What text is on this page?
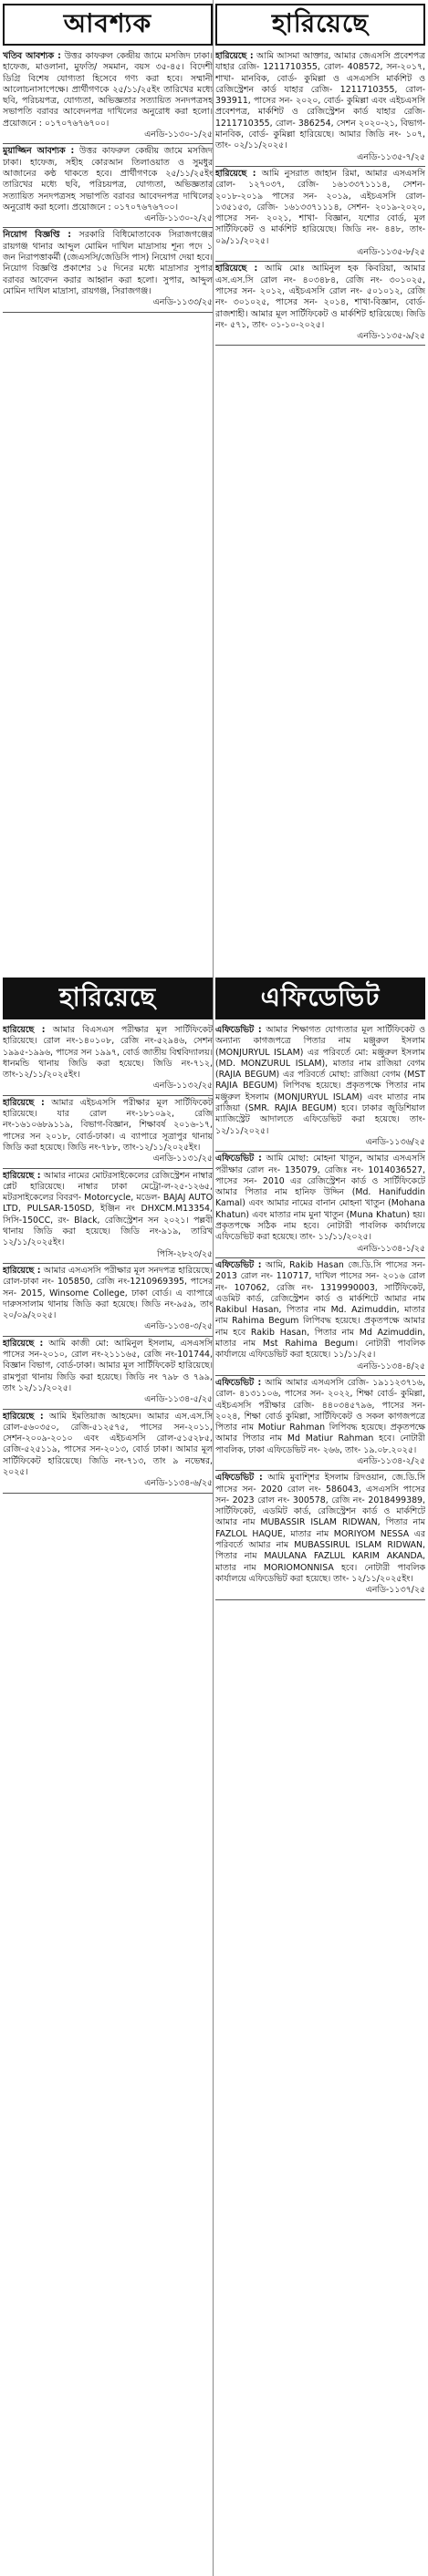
আবশ্যক

খতিব আবশ্যক : উত্তর কাফরুল কেন্দ্রীয় জামে মসজিদ ঢাকা। হাফেজ, মাওলানা, মুফতি/ সমমান, বয়স ৩৫-৪৫। বিদেশী ডিগ্রি বিশেষ যোগ্যতা হিসেবে গণ্য করা হবে। সম্মানী আলোচনাসাপেক্ষে। প্রার্থীগণকে ২৫/১১/২৫ইং তারিখের মধ্যে ছবি, পরিচয়পত্র, যোগ্যতা, অভিজ্ঞতার সত্যায়িত সনদপত্রসহ সভাপতি বরাবর আবেদনপত্র দাখিলের অনুরোধ করা হলো। প্রয়োজনে : ০১৭০৭৬৭৬৭০০।
এনডি-১১৩০-১/২৫

মুয়াজ্জিন আবশ্যক : উত্তর কাফরুল কেন্দ্রীয় জামে মসজিদ ঢাকা। হাফেজ, সহীহ কোরআন তিলাওয়াত ও সুমধুর আজানের কণ্ঠ থাকতে হবে। প্রার্থীগণকে ২৫/১১/২৫ইং তারিখের মধ্যে ছবি, পরিচয়পত্র, যোগ্যতা, অভিজ্ঞতার সত্যায়িত সনদপত্রসহ সভাপতি বরাবর আবেদনপত্র দাখিলের অনুরোধ করা হলো। প্রয়োজনে : ০১৭০৭৬৭৬৭০০।
এনডি-১১৩০-২/২৫

নিয়োগ বিজ্ঞপ্তি : সরকারি বিধিমোতাবেক সিরাজগঞ্জের রায়গঞ্জ থানার আব্দুল মোমিন দাখিল মাদ্রাসায় শূন্য পদে ১ জন নিরাপত্তাকর্মী (জেএসসি/জেডিসি পাস) নিয়োগ দেয়া হবে। নিয়োগ বিজ্ঞপ্তি প্রকাশের ১৫ দিনের মধ্যে মাদ্রাসার সুপার বরাবর আবেদন করার আহ্বান করা হলো। সুপার, আব্দুল মোমিন দাখিল মাদ্রাসা, রায়গঞ্জ, সিরাজগঞ্জ।
এনডি-১১৩৩/২৫

হারিয়েছে

হারিয়েছে : আমার বিএসএস পরীক্ষার মূল সার্টিফিকেট হারিয়েছে। রোল নং-১৪০১০৮, রেজি নং-৫২৯৪৬, সেশন ১৯৯৫-১৯৯৬, পাসের সন ১৯৯৭, বোর্ড জাতীয় বিশ্ববিদ্যালয়। ধানমন্ডি থানায় জিডি করা হয়েছে। জিডি নং-৭১২, তাং-১২/১১/২০২৫ইং।
এনডি-১১৩২/২৫

হারিয়েছে : আমার এইচএসসি পরীক্ষার মূল সার্টিফিকেট হারিয়েছে। যার রোল নং-১৮১০৯২, রেজি নং-১৬১০৬৮৯১১৯, বিভাগ-বিজ্ঞান, শিক্ষাবর্ষ ২০১৬-১৭, পাসের সন ২০১৮, বোর্ড-ঢাকা। এ ব্যাপারে সূত্রাপুর থানায় জিডি করা হয়েছে। জিডি নং-৭৮৮, তাং-১২/১১/২০২৫ইং।
এনডি-১১৩১/২৫

হারিয়েছে : আমার নামের মোটরসাইকেলের রেজিস্ট্রেশন নাম্বার প্লেট হারিয়েছে। নাম্বার ঢাকা মেট্রো-ল-২৫-১২৬৫, মটরসাইকেলের বিবরণ- Motorcycle, মডেল- BAJAJ AUTO LTD, PULSAR-150SD, ইঞ্জিন নং DHXCM.M13354, সিসি-150CC, রং- Black, রেজিস্ট্রেশন সন ২০২১। পল্লবী থানায় জিডি করা হয়েছে। জিডি নং-৯১৯, তারিখ ১২/১১/২০২৫ইং।
পিসি-২৮২৩/২৫

হারিয়েছে : আমার এসএসসি পরীক্ষার মূল সনদপত্র হারিয়েছে। রোল-ঢাকা নং- 105850, রেজি নং-1210969395, পাসের সন- 2015, Winsome College, ঢাকা বোর্ড। এ ব্যাপারে দারুসসালাম থানায় জিডি করা হয়েছে। জিডি নং-৯৫৯, তাং ২০/০৯/২০২৫।
এনডি-১১৩৪-৩/২৫

হারিয়েছে : আমি কাজী মো: আমিনুল ইসলাম, এসএসসি পাসের সন-২০১০, রোল নং-২১১১৬৫, রেজি নং-101744, বিজ্ঞান বিভাগ, বোর্ড-ঢাকা। আমার মূল সার্টিফিকেট হারিয়েছে। রামপুরা থানায় জিডি করা হয়েছে। জিডি নং ৭৯৮ ও ৭৯৯, তাং ১২/১১/২০২৫।
এনডি-১১৩৪-৫/২৫

হারিয়েছে : আমি ইমতিয়াজ আহমেদ। আমার এস.এস.সি রোল-৫৬০৩৫০, রেজি-৫১২৫৭৫, পাসের সন-২০১১, সেশন-২০০৯-২০১০ এবং এইচএসসি রোল-৫১৫২৮৫, রেজি-৫২৫১১৯, পাসের সন-২০১৩, বোর্ড ঢাকা। আমার মূল সার্টিফিকেট হারিয়েছে। জিডি নং-৭১৩, তাং ৯ নভেম্বর, ২০২৫।
এনডি-১১৩৪-৬/২৫

হারিয়েছে

হারিয়েছে : আমি আসমা আক্তার, আমার জেএসসি প্রবেশপত্র যাহার রেজি- 1211710355, রোল- 408572, সন-২০১৭, শাখা- মানবিক, বোর্ড- কুমিল্লা ও এসএসসি মার্কশিট ও রেজিস্ট্রেশন কার্ড যাহার রেজি- 1211710355, রোল- 393911, পাসের সন- ২০২০, বোর্ড- কুমিল্লা এবং এইচএসসি প্রবেশপত্র, মার্কশিট ও রেজিস্ট্রেশন কার্ড যাহার রেজি- 1211710355, রোল- 386254, সেশন ২০২০-২১, বিভাগ- মানবিক, বোর্ড- কুমিল্লা হারিয়েছে। আমার জিডি নং- ১০৭, তাং- ০২/১১/২০২৫।
এনডি-১১৩৫-৭/২৫

হারিয়েছে : আমি নুসরাত জাহান রিমা, আমার এসএসসি রোল- ১২৭০৩৭, রেজি- ১৬১৩৩৭১১১৪, সেশন- ২০১৮-২০১৯ পাসের সন- ২০১৯, এইচএসসি রোল- ১৩৫১৫৩, রেজি- ১৬১৩৩৭১১১৪, সেশন- ২০১৯-২০২০, পাসের সন- ২০২১, শাখা- বিজ্ঞান, যশোর বোর্ড, মূল সার্টিফিকেট ও মার্কশিট হারিয়েছে। জিডি নং- ৪৪৮, তাং- ০৯/১১/২০২৫।
এনডি-১১৩৫-৮/২৫

হারিয়েছে : আমি মোঃ আমিনুল হক কিবরিয়া, আমার এস.এস.সি রোল নং- ৪০৩৪৮৪, রেজি নং- ৩০১০২৫, পাসের সন- ২০১২, এইচএসসি রোল নং- ৫০১০১২, রেজি নং- ৩০১০২৫, পাসের সন- ২০১৪, শাখা-বিজ্ঞান, বোর্ড-রাজশাহী। আমার মূল সার্টিফিকেট ও মার্কশিট হারিয়েছে। জিডি নং- ৫৭১, তাং- ০১-১০-২০২৫।
এনডি-১১৩৫-৯/২৫

এফিডেভিট

এফিডেভিট : আমার শিক্ষাগত যোগ্যতার মূল সার্টিফিকেট ও অন্যান্য কাগজপত্রে পিতার নাম মঞ্জুরুল ইসলাম (MONJURYUL ISLAM) এর পরিবর্তে মো: মঞ্জুরুল ইসলাম (MD. MONZURUL ISLAM), মাতার নাম রাজিয়া বেগম (RAJIA BEGUM) এর পরিবর্তে মোছা: রাজিয়া বেগম (MST RAJIA BEGUM) লিপিবদ্ধ হয়েছে। প্রকৃতপক্ষে পিতার নাম মঞ্জুরুল ইসলাম (MONJURYUL ISLAM) এবং মাতার নাম রাজিয়া (SMR. RAJIA BEGUM) হবে। ঢাকার জুডিশিয়াল ম্যাজিস্ট্রেট আদালতে এফিডেভিট করা হয়েছে। তাং- ১২/১১/২০২৫।
এনডি-১১৩৬/২৫

এফিডেভিট : আমি মোছা: মোহনা খাতুন, আমার এসএসসি পরীক্ষার রোল নং- 135079, রেজিঃ নং- 1014036527, পাসের সন- 2010 এর রেজিস্ট্রেশন কার্ড ও সার্টিফিকেটে আমার পিতার নাম হানিফ উদ্দিন (Md. Hanifuddin Kamal) এবং আমার নামের বানান মোহনা খাতুন (Mohana Khatun) এবং মাতার নাম মুনা খাতুন (Muna Khatun) হয়। প্রকৃতপক্ষে সঠিক নাম হবে। নোটারী পাবলিক কার্যালয়ে এফিডেভিট করা হয়েছে। তাং- ১১/১১/২০২৫।
এনডি-১১৩৪-১/২৫

এফিডেভিট : আমি, Rakib Hasan জে.ডি.সি পাসের সন- 2013 রোল নং- 110717, দাখিল পাসের সন- ২০১৬ রোল নং- 107062, রেজি নং- 1319990003, সার্টিফিকেট, এডমিট কার্ড, রেজিস্ট্রেশন কার্ড ও মার্কশিটে আমার নাম Rakibul Hasan, পিতার নাম Md. Azimuddin, মাতার নাম Rahima Begum লিপিবদ্ধ হয়েছে। প্রকৃতপক্ষে আমার নাম হবে Rakib Hasan, পিতার নাম Md Azimuddin, মাতার নাম Mst Rahima Begum। নোটারী পাবলিক কার্যালয়ে এফিডেভিট করা হয়েছে। ১১/১১/২৫।
এনডি-১১৩৪-৪/২৫

এফিডেভিট : আমি আমার এসএসসি রেজি- ১৯১১২৩৭১৬, রোল- ৪১৩১১০৬, পাসের সন- ২০২২, শিক্ষা বোর্ড- কুমিল্লা, এইচএসসি পরীক্ষার রেজি- ৪৪০৩৪৫৭৯৬, পাসের সন- ২০২৪, শিক্ষা বোর্ড কুমিল্লা, সার্টিফিকেট ও সকল কাগজপত্রে পিতার নাম Motiur Rahman লিপিবদ্ধ হয়েছে। প্রকৃতপক্ষে আমার পিতার নাম Md Matiur Rahman হবে। নোটারী পাবলিক, ঢাকা এফিডেভিট নং- ২৬৬, তাং- ১৯.০৮.২০২৫।
এনডি-১১৩৪-২/২৫

এফিডেভিট : আমি মুবাশ্শির ইসলাম রিদওয়ান, জে.ডি.সি পাসের সন- 2020 রোল নং- 586043, এসএসসি পাসের সন- 2023 রোল নং- 300578, রেজি নং- 2018499389, সার্টিফিকেট, এডমিট কার্ড, রেজিস্ট্রেশন কার্ড ও মার্কশিটে আমার নাম MUBASSIR ISLAM RIDWAN, পিতার নাম FAZLOL HAQUE, মাতার নাম MORIYOM NESSA এর পরিবর্তে আমার নাম MUBASSIRUL ISLAM RIDWAN, পিতার নাম MAULANA FAZLUL KARIM AKANDA, মাতার নাম MORIOMONNISA হবে। নোটারী পাবলিক কার্যালয়ে এফিডেভিট করা হয়েছে। তাং- ১২/১১/২০২৫ইং।
এনডি-১১৩৭/২৫
